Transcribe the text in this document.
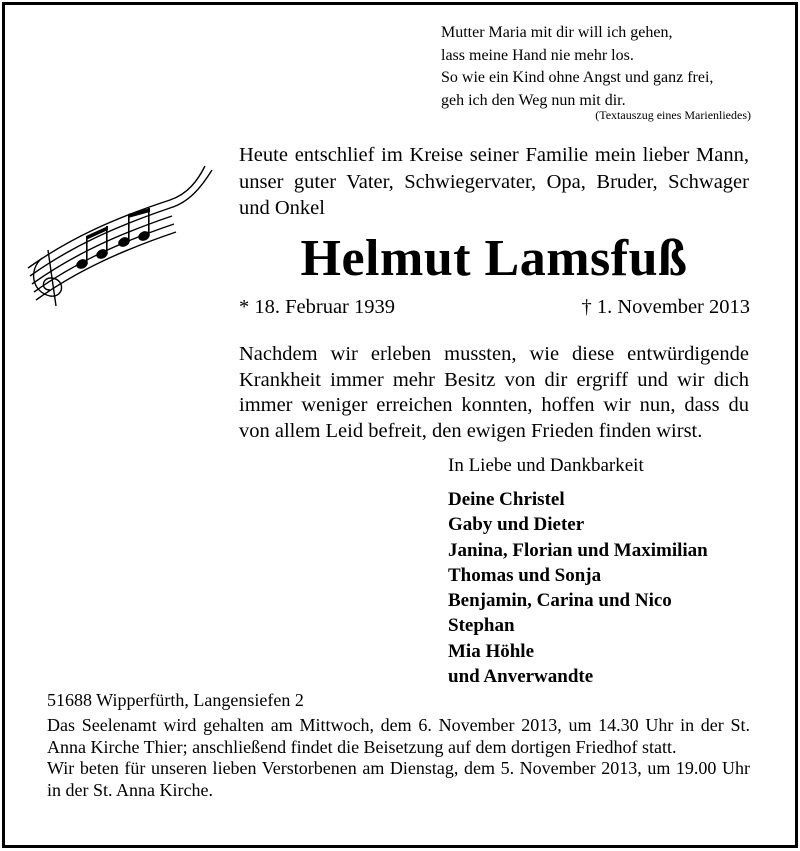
Mutter Maria mit dir will ich gehen,
lass meine Hand nie mehr los.
So wie ein Kind ohne Angst und ganz frei,
geh ich den Weg nun mit dir.
(Textauszug eines Marienliedes)
Heute entschlief im Kreise seiner Familie mein lieber Mann, unser guter Vater, Schwiegervater, Opa, Bruder, Schwager und Onkel
Helmut Lamsfuß
* 18. Februar 1939	† 1. November 2013
Nachdem wir erleben mussten, wie diese entwürdigende Krankheit immer mehr Besitz von dir ergriff und wir dich immer weniger erreichen konnten, hoffen wir nun, dass du von allem Leid befreit, den ewigen Frieden finden wirst.
In Liebe und Dankbarkeit
Deine Christel
Gaby und Dieter
Janina, Florian und Maximilian
Thomas und Sonja
Benjamin, Carina und Nico
Stephan
Mia Höhle
und Anverwandte
51688 Wipperfürth, Langensiefen 2

Das Seelenamt wird gehalten am Mittwoch, dem 6. November 2013, um 14.30 Uhr in der St. Anna Kirche Thier; anschließend findet die Beisetzung auf dem dortigen Friedhof statt.

Wir beten für unseren lieben Verstorbenen am Dienstag, dem 5. November 2013, um 19.00 Uhr in der St. Anna Kirche.
